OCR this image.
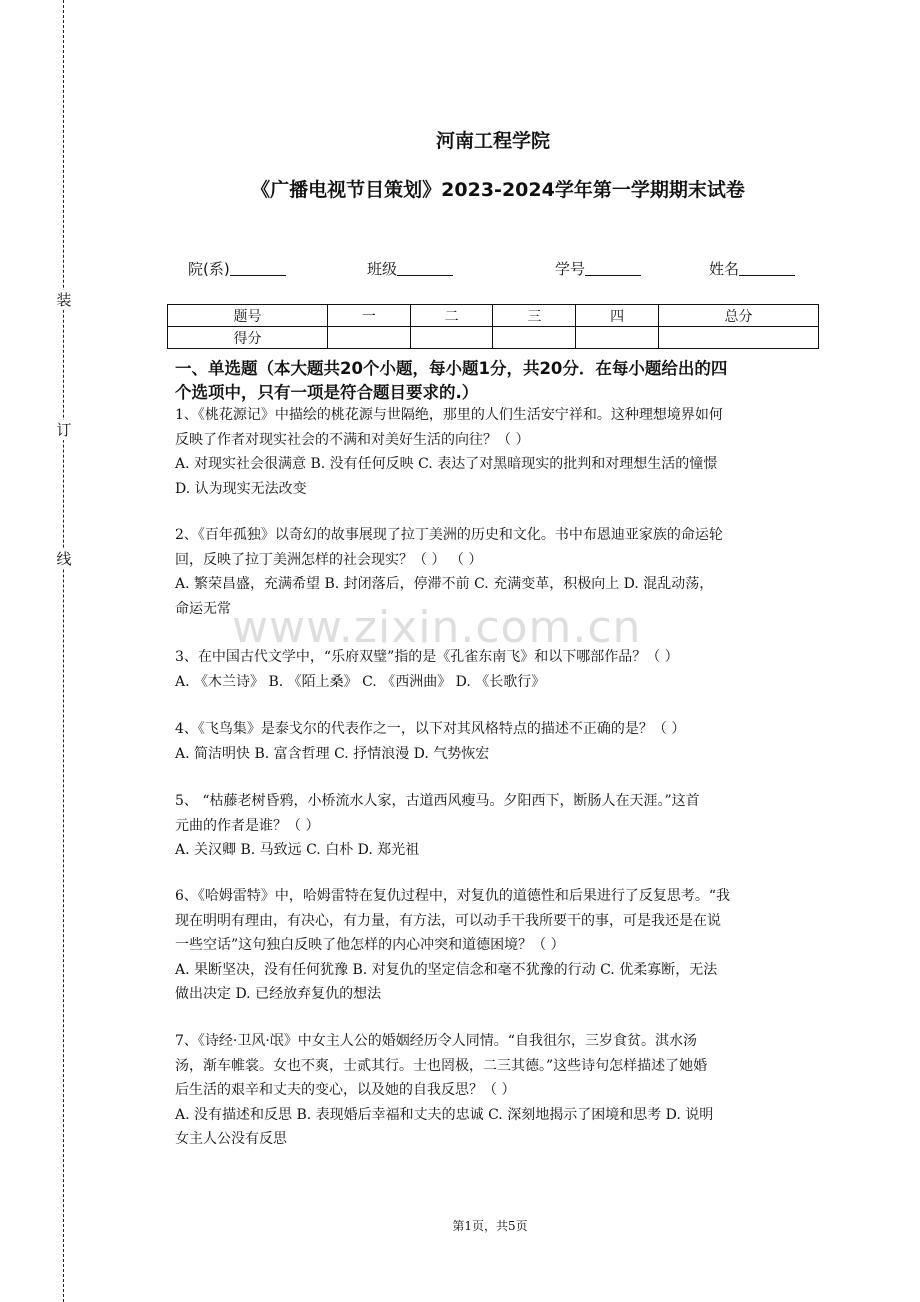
装
订
线
河南工程学院
《广播电视节目策划》2023-2024学年第一学期期末试卷
院(系)	班级	学号	姓名
题号	一	二	三	四	总分
得分					
一、单选题（本大题共20个小题，每小题1分，共20分．在每小题给出的四
个选项中，只有一项是符合题目要求的.）
1、《桃花源记》中描绘的桃花源与世隔绝，那里的人们生活安宁祥和。这种理想境界如何
反映了作者对现实社会的不满和对美好生活的向往？（ ）
A. 对现实社会很满意 B. 没有任何反映 C. 表达了对黑暗现实的批判和对理想生活的憧憬
D. 认为现实无法改变
2、《百年孤独》以奇幻的故事展现了拉丁美洲的历史和文化。书中布恩迪亚家族的命运轮
回，反映了拉丁美洲怎样的社会现实？（ ） （ ）
A. 繁荣昌盛，充满希望 B. 封闭落后，停滞不前 C. 充满变革，积极向上 D. 混乱动荡，
命运无常
3、在中国古代文学中，“乐府双璧”指的是《孔雀东南飞》和以下哪部作品？（ ）
A. 《木兰诗》 B. 《陌上桑》 C. 《西洲曲》 D. 《长歌行》
4、《飞鸟集》是泰戈尔的代表作之一，以下对其风格特点的描述不正确的是？（ ）
A. 简洁明快 B. 富含哲理 C. 抒情浪漫 D. 气势恢宏
5、 “枯藤老树昏鸦，小桥流水人家，古道西风瘦马。夕阳西下，断肠人在天涯。”这首
元曲的作者是谁？（ ）
A. 关汉卿 B. 马致远 C. 白朴 D. 郑光祖
6、《哈姆雷特》中，哈姆雷特在复仇过程中，对复仇的道德性和后果进行了反复思考。“我
现在明明有理由，有决心，有力量，有方法，可以动手干我所要干的事，可是我还是在说
一些空话”这句独白反映了他怎样的内心冲突和道德困境？（ ）
A. 果断坚决，没有任何犹豫 B. 对复仇的坚定信念和毫不犹豫的行动 C. 优柔寡断，无法
做出决定 D. 已经放弃复仇的想法
7、《诗经·卫风·氓》中女主人公的婚姻经历令人同情。“自我徂尔，三岁食贫。淇水汤
汤，渐车帷裳。女也不爽，士贰其行。士也罔极，二三其德。”这些诗句怎样描述了她婚
后生活的艰辛和丈夫的变心，以及她的自我反思？（ ）
A. 没有描述和反思 B. 表现婚后幸福和丈夫的忠诚 C. 深刻地揭示了困境和思考 D. 说明
女主人公没有反思
www.zixin.com.cn
第1页，共5页
